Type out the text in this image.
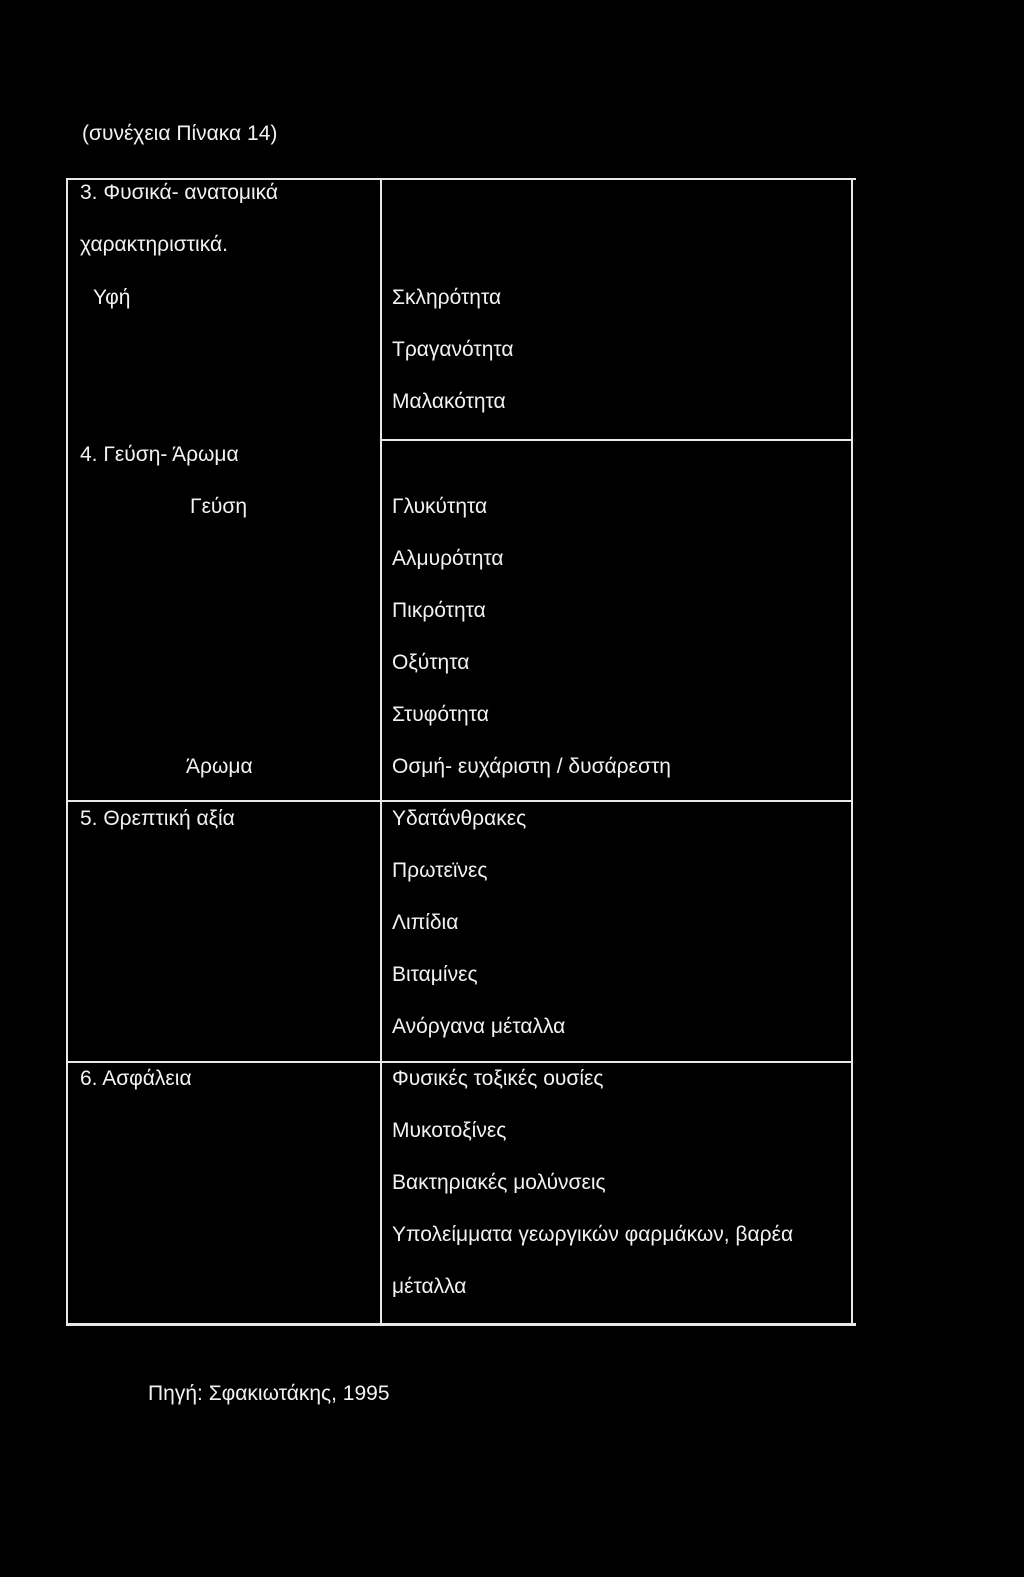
(συνέχεια Πίνακα 14)
3. Φυσικά- ανατομικά
χαρακτηριστικά.
Υφή	Σκληρότητα
Τραγανότητα
Μαλακότητα
4. Γεύση- Άρωμα
Γεύση	Γλυκύτητα
Αλμυρότητα
Πικρότητα
Οξύτητα
Στυφότητα
Άρωμα	Οσμή- ευχάριστη / δυσάρεστη
5. Θρεπτική αξία	Υδατάνθρακες
Πρωτεϊνες
Λιπίδια
Βιταμίνες
Ανόργανα μέταλλα
6. Ασφάλεια	Φυσικές τοξικές ουσίες
Μυκοτοξίνες
Βακτηριακές μολύνσεις
Υπολείμματα γεωργικών φαρμάκων, βαρέα
μέταλλα
Πηγή: Σφακιωτάκης, 1995
